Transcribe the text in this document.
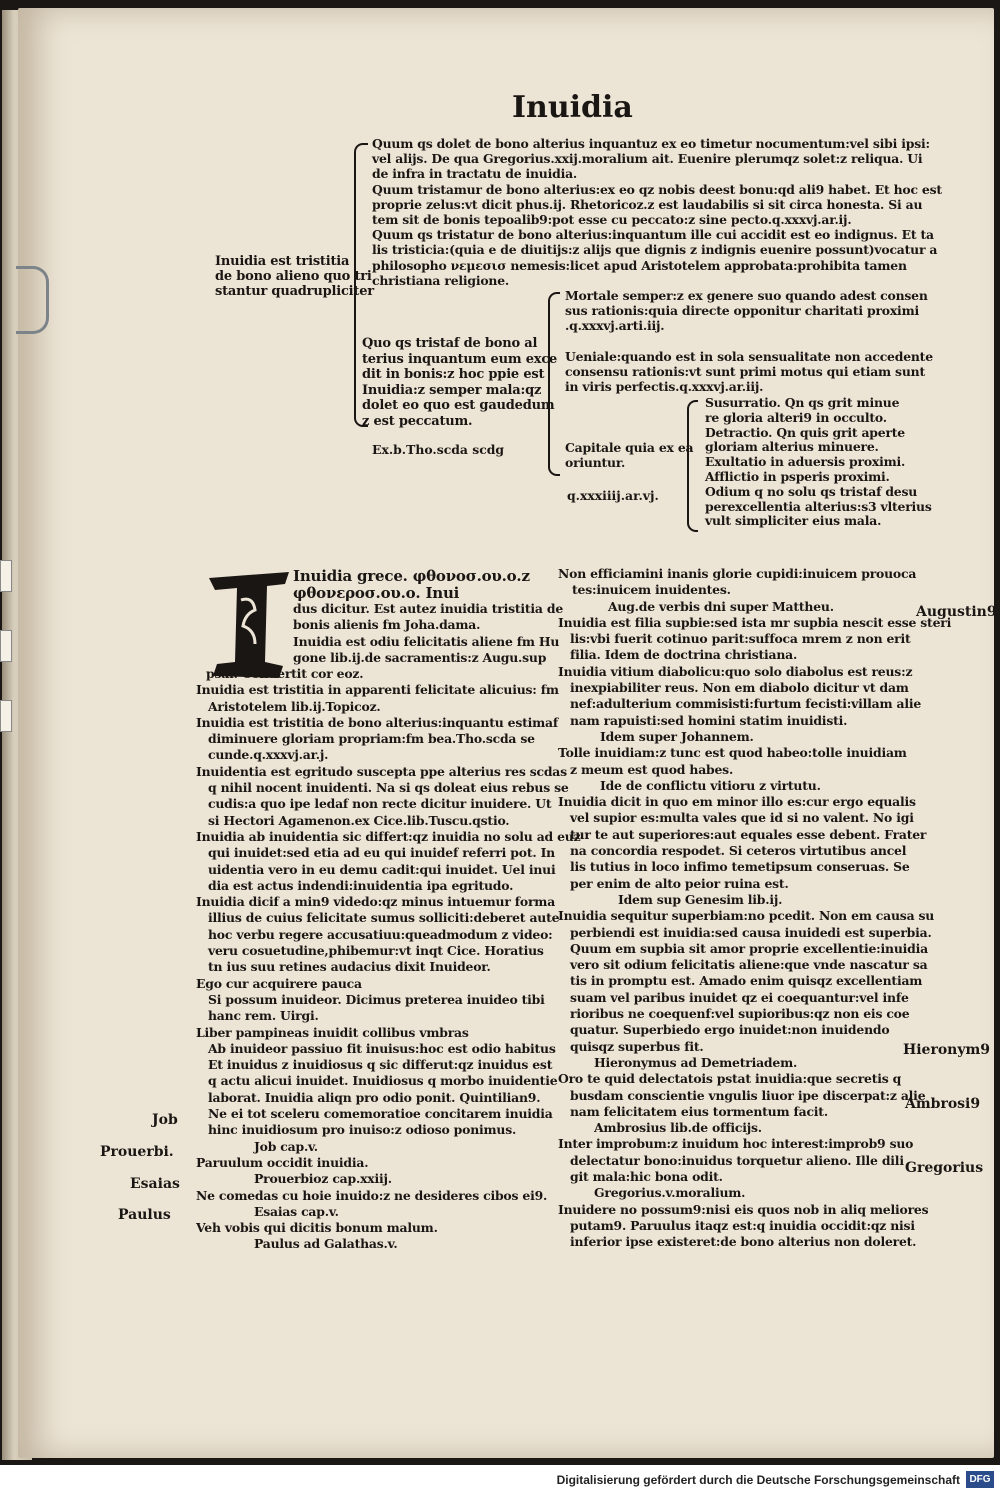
Inuidia
Quum qs dolet de bono alterius inquantuz ex eo timetur nocumentum:vel sibi ipsi:
vel alijs. De qua Gregorius.xxij.moralium ait. Euenire plerumqz solet:z reliqua. Ui
de infra in tractatu de inuidia.
Quum tristamur de bono alterius:ex eo qz nobis deest bonu:qd ali9 habet. Et hoc est
proprie zelus:vt dicit phus.ij. Rhetoricoz.z est laudabilis si sit circa honesta. Si au
tem sit de bonis tepoalib9:pot esse cu peccato:z sine pecto.q.xxxvj.ar.ij.
Quum qs tristatur de bono alterius:inquantum ille cui accidit est eo indignus. Et ta
lis tristicia:(quia e de diuitijs:z alijs que dignis z indignis euenire possunt)vocatur a
philosopho νεμεσισ nemesis:licet apud Aristotelem approbata:prohibita tamen
christiana religione.
Inuidia est tristitia
de bono alieno quo tri
stantur quadrupliciter
Quo qs tristaf de bono al
terius inquantum eum exce
dit in bonis:z hoc ppie est
Inuidia:z semper mala:qz
dolet eo quo est gaudedum
z est peccatum.
Ex.b.Tho.scda scdg
Mortale semper:z ex genere suo quando adest consen
sus rationis:quia directe opponitur charitati proximi
.q.xxxvj.arti.iij.
Ueniale:quando est in sola sensualitate non accedente
consensu rationis:vt sunt primi motus qui etiam sunt
in viris perfectis.q.xxxvj.ar.iij.
Capitale quia ex ea
oriuntur.
q.xxxiiij.ar.vj.
Susurratio. Qn qs grit minue
re gloria alteri9 in occulto.
Detractio. Qn quis grit aperte
gloriam alterius minuere.
Exultatio in aduersis proximi.
Afflictio in psperis proximi.
Odium q no solu qs tristaf desu
perexcellentia alterius:s3 vlterius
vult simpliciter eius mala.
Inuidia grece. φθονοσ.ου.ο.z
φθονεροσ.ου.ο. Inui
dus dicitur. Est autez inuidia tristitia de
bonis alienis fm Joha.dama.
Inuidia est odiu felicitatis aliene fm Hu
gone lib.ij.de sacramentis:z Augu.sup
psal. Conuertit cor eoz.
Inuidia est tristitia in apparenti felicitate alicuius: fm
Aristotelem lib.ij.Topicoz.
Inuidia est tristitia de bono alterius:inquantu estimaf
diminuere gloriam propriam:fm bea.Tho.scda se
cunde.q.xxxvj.ar.j.
Inuidentia est egritudo suscepta ppe alterius res scdas
q nihil nocent inuidenti. Na si qs doleat eius rebus se
cudis:a quo ipe ledaf non recte dicitur inuidere. Ut
si Hectori Agamenon.ex Cice.lib.Tuscu.qstio.
Inuidia ab inuidentia sic differt:qz inuidia no solu ad euz
qui inuidet:sed etia ad eu qui inuidef referri pot. In
uidentia vero in eu demu cadit:qui inuidet. Uel inui
dia est actus indendi:inuidentia ipa egritudo.
Inuidia dicif a min9 videdo:qz minus intuemur forma
illius de cuius felicitate sumus solliciti:deberet aute
hoc verbu regere accusatiuu:queadmodum z video:
veru cosuetudine,phibemur:vt inqt Cice. Horatius
tn ius suu retines audacius dixit Inuideor.
Ego cur acquirere pauca
Si possum inuideor. Dicimus preterea inuideo tibi
hanc rem. Uirgi.
Liber pampineas inuidit collibus vmbras
Ab inuideor passiuo fit inuisus:hoc est odio habitus
Et inuidus z inuidiosus q sic differut:qz inuidus est
q actu alicui inuidet. Inuidiosus q morbo inuidentie
laborat. Inuidia aliqn pro odio ponit. Quintilian9.
Ne ei tot sceleru comemoratioe concitarem inuidia
hinc inuidiosum pro inuiso:z odioso ponimus.
Job cap.v.
Paruulum occidit inuidia.
Prouerbioz cap.xxiij.
Ne comedas cu hoie inuido:z ne desideres cibos ei9.
Esaias cap.v.
Veh vobis qui dicitis bonum malum.
Paulus ad Galathas.v.
Non efficiamini inanis glorie cupidi:inuicem prouoca
tes:inuicem inuidentes.
Aug.de verbis dni super Mattheu.
Inuidia est filia supbie:sed ista mr supbia nescit esse steri
lis:vbi fuerit cotinuo parit:suffoca mrem z non erit
filia. Idem de doctrina christiana.
Inuidia vitium diabolicu:quo solo diabolus est reus:z
inexpiabiliter reus. Non em diabolo dicitur vt dam
nef:adulterium commisisti:furtum fecisti:villam alie
nam rapuisti:sed homini statim inuidisti.
Idem super Johannem.
Tolle inuidiam:z tunc est quod habeo:tolle inuidiam
z meum est quod habes.
Ide de conflictu vitioru z virtutu.
Inuidia dicit in quo em minor illo es:cur ergo equalis
vel supior es:multa vales que id si no valent. No igi
tur te aut superiores:aut equales esse debent. Frater
na concordia respodet. Si ceteros virtutibus ancel
lis tutius in loco infimo temetipsum conseruas. Se
per enim de alto peior ruina est.
Idem sup Genesim lib.ij.
Inuidia sequitur superbiam:no pcedit. Non em causa su
perbiendi est inuidia:sed causa inuidedi est superbia.
Quum em supbia sit amor proprie excellentie:inuidia
vero sit odium felicitatis aliene:que vnde nascatur sa
tis in promptu est. Amado enim quisqz excellentiam
suam vel paribus inuidet qz ei coequantur:vel infe
rioribus ne coequenf:vel supioribus:qz non eis coe
quatur. Superbiedo ergo inuidet:non inuidendo
quisqz superbus fit.
Hieronymus ad Demetriadem.
Oro te quid delectatois pstat inuidia:que secretis q
busdam conscientie vngulis liuor ipe discerpat:z alie
nam felicitatem eius tormentum facit.
Ambrosius lib.de officijs.
Inter improbum:z inuidum hoc interest:improb9 suo
delectatur bono:inuidus torquetur alieno. Ille dili
git mala:hic bona odit.
Gregorius.v.moralium.
Inuidere no possum9:nisi eis quos nob in aliq meliores
putam9. Paruulus itaqz est:q inuidia occidit:qz nisi
inferior ipse existeret:de bono alterius non doleret.
Job
Prouerbi.
Esaias
Paulus
Augustin9
Hieronym9
Ambrosi9
Gregorius
Digitalisierung gefördert durch die Deutsche Forschungsgemeinschaft DFG
